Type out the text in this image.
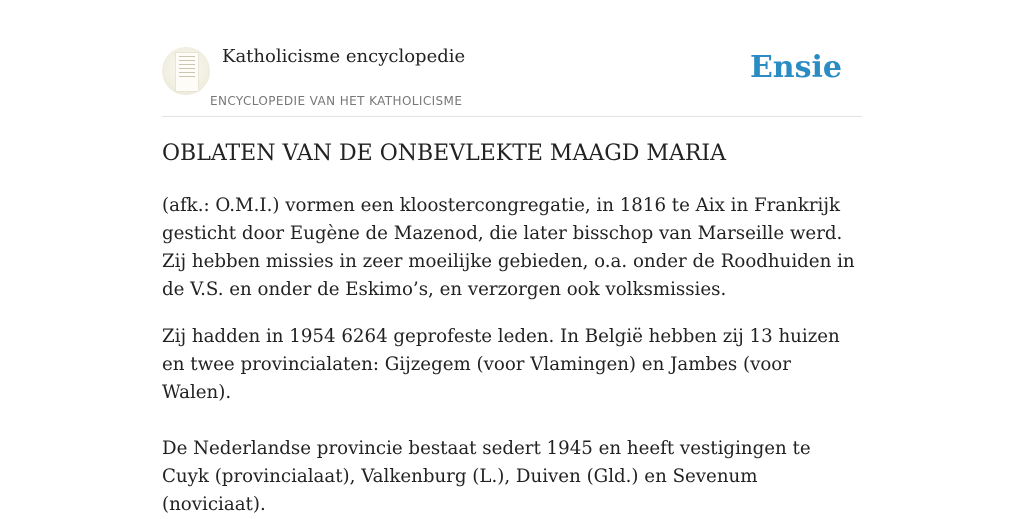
Katholicisme encyclopedie
ENCYCLOPEDIE VAN HET KATHOLICISME
Ensie
OBLATEN VAN DE ONBEVLEKTE MAAGD MARIA

(afk.: O.M.I.) vormen een kloostercongregatie, in 1816 te Aix in Frankrijk gesticht door Eugène de Mazenod, die later bisschop van Marseille werd. Zij hebben missies in zeer moeilijke gebieden, o.a. onder de Roodhuiden in de V.S. en onder de Eskimo’s, en verzorgen ook volksmissies.

Zij hadden in 1954 6264 geprofeste leden. In België hebben zij 13 huizen en twee provincialaten: Gijzegem (voor Vlamingen) en Jambes (voor Walen).

De Nederlandse provincie bestaat sedert 1945 en heeft vestigingen te Cuyk (provincialaat), Valkenburg (L.), Duiven (Gld.) en Sevenum (noviciaat).
